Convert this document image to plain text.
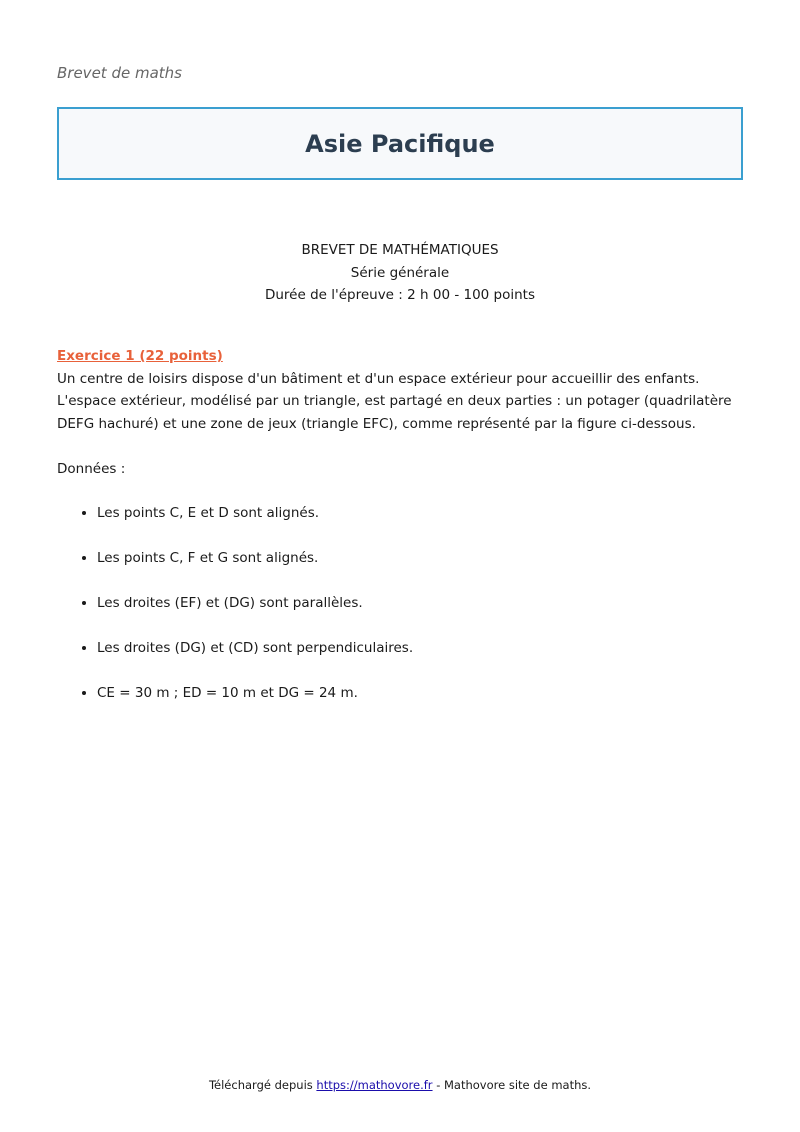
Brevet de maths
Asie Pacifique
BREVET DE MATHÉMATIQUES
Série générale
Durée de l'épreuve : 2 h 00 - 100 points
Exercice 1 (22 points)
Un centre de loisirs dispose d'un bâtiment et d'un espace extérieur pour accueillir des enfants.
L'espace extérieur, modélisé par un triangle, est partagé en deux parties : un potager (quadrilatère DEFG hachuré) et une zone de jeux (triangle EFC), comme représenté par la figure ci-dessous.
Données :
• Les points C, E et D sont alignés.
• Les points C, F et G sont alignés.
• Les droites (EF) et (DG) sont parallèles.
• Les droites (DG) et (CD) sont perpendiculaires.
• CE = 30 m ; ED = 10 m et DG = 24 m.
Téléchargé depuis https://mathovore.fr - Mathovore site de maths.
